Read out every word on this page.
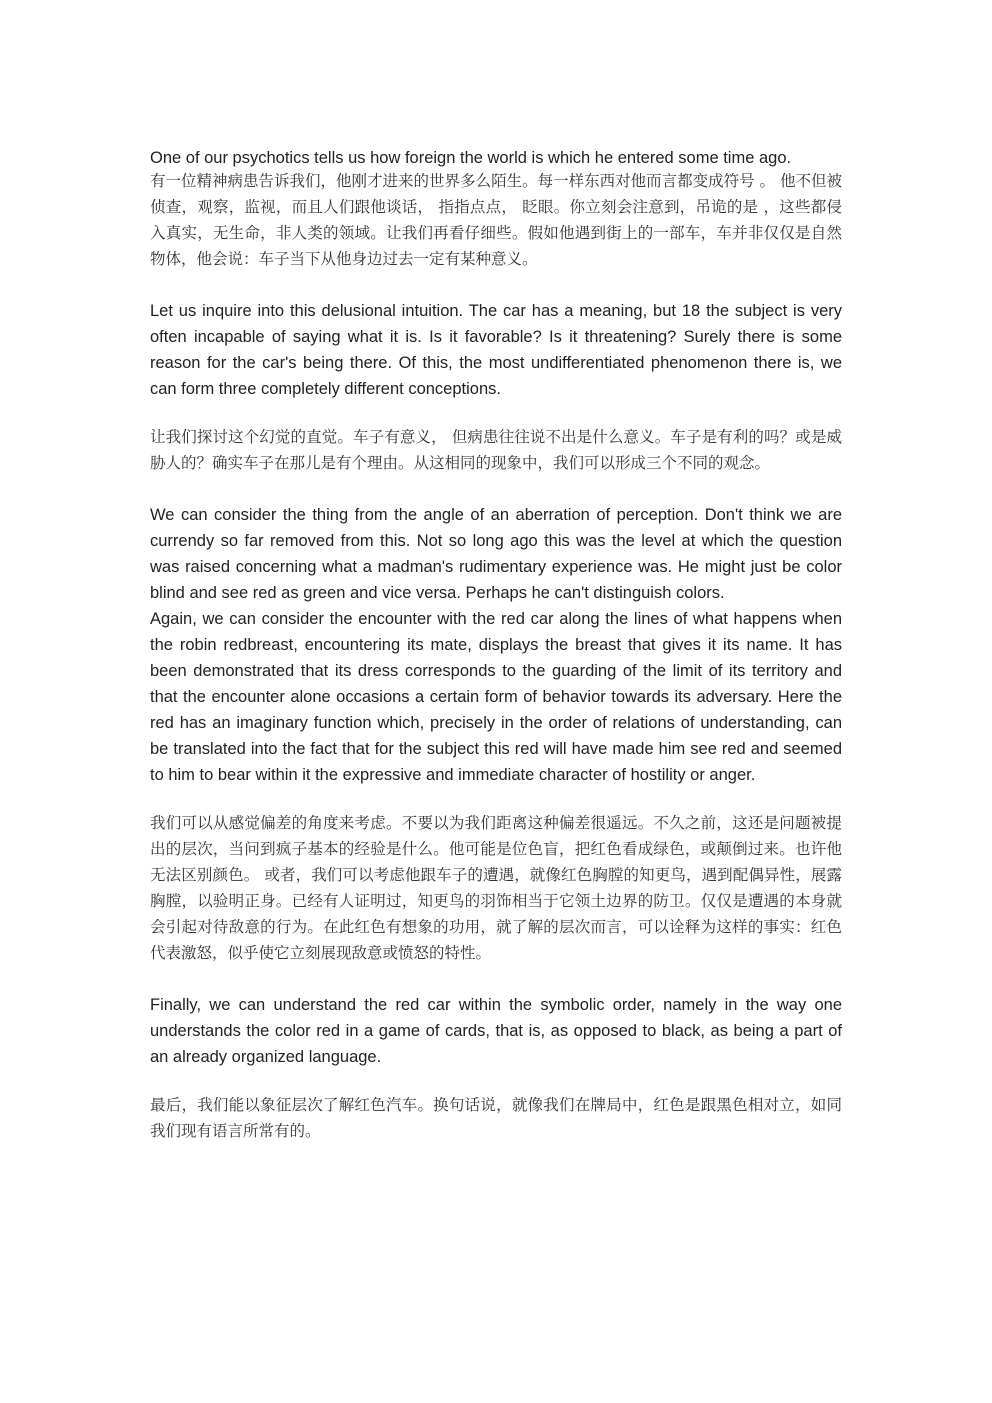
One of our psychotics tells us how foreign the world is which he entered some time ago.

有一位精神病患告诉我们，他刚才进来的世界多么陌生。每一样东西对他而言都变成符号 。 他不但被侦查，观察，监视，而且人们跟他谈话， 指指点点， 眨眼。你立刻会注意到，吊诡的是 ，这些都侵入真实，无生命，非人类的领域。让我们再看仔细些。假如他遇到街上的一部车，车并非仅仅是自然物体，他会说：车子当下从他身边过去一定有某种意义。

Let us inquire into this delusional intuition. The car has a meaning, but 18 the subject is very often incapable of saying what it is. Is it favorable? Is it threatening? Surely there is some reason for the car's being there. Of this, the most undifferentiated phenomenon there is, we can form three completely different conceptions.

让我们探讨这个幻觉的直觉。车子有意义， 但病患往往说不出是什么意义。车子是有利的吗？或是威胁人的？确实车子在那儿是有个理由。从这相同的现象中，我们可以形成三个不同的观念。

We can consider the thing from the angle of an aberration of perception. Don't think we are currendy so far removed from this. Not so long ago this was the level at which the question was raised concerning what a madman's rudimentary experience was. He might just be color blind and see red as green and vice versa. Perhaps he can't distinguish colors.

Again, we can consider the encounter with the red car along the lines of what happens when the robin redbreast, encountering its mate, displays the breast that gives it its name. It has been demonstrated that its dress corresponds to the guarding of the limit of its territory and that the encounter alone occasions a certain form of behavior towards its adversary. Here the red has an imaginary function which, precisely in the order of relations of understanding, can be translated into the fact that for the subject this red will have made him see red and seemed to him to bear within it the expressive and immediate character of hostility or anger.

我们可以从感觉偏差的角度来考虑。不要以为我们距离这种偏差很遥远。不久之前，这还是问题被提出的层次，当问到疯子基本的经验是什么。他可能是位色盲，把红色看成绿色，或颠倒过来。也许他无法区别颜色。 或者，我们可以考虑他跟车子的遭遇，就像红色胸膛的知更鸟，遇到配偶异性，展露胸膛，以验明正身。已经有人证明过，知更鸟的羽饰相当于它领土边界的防卫。仅仅是遭遇的本身就会引起对待敌意的行为。在此红色有想象的功用，就了解的层次而言，可以诠释为这样的事实：红色代表激怒，似乎使它立刻展现敌意或愤怒的特性。

Finally, we can understand the red car within the symbolic order, namely in the way one understands the color red in a game of cards, that is, as opposed to black, as being a part of an already organized language.

最后，我们能以象征层次了解红色汽车。换句话说，就像我们在牌局中，红色是跟黑色相对立，如同我们现有语言所常有的。
